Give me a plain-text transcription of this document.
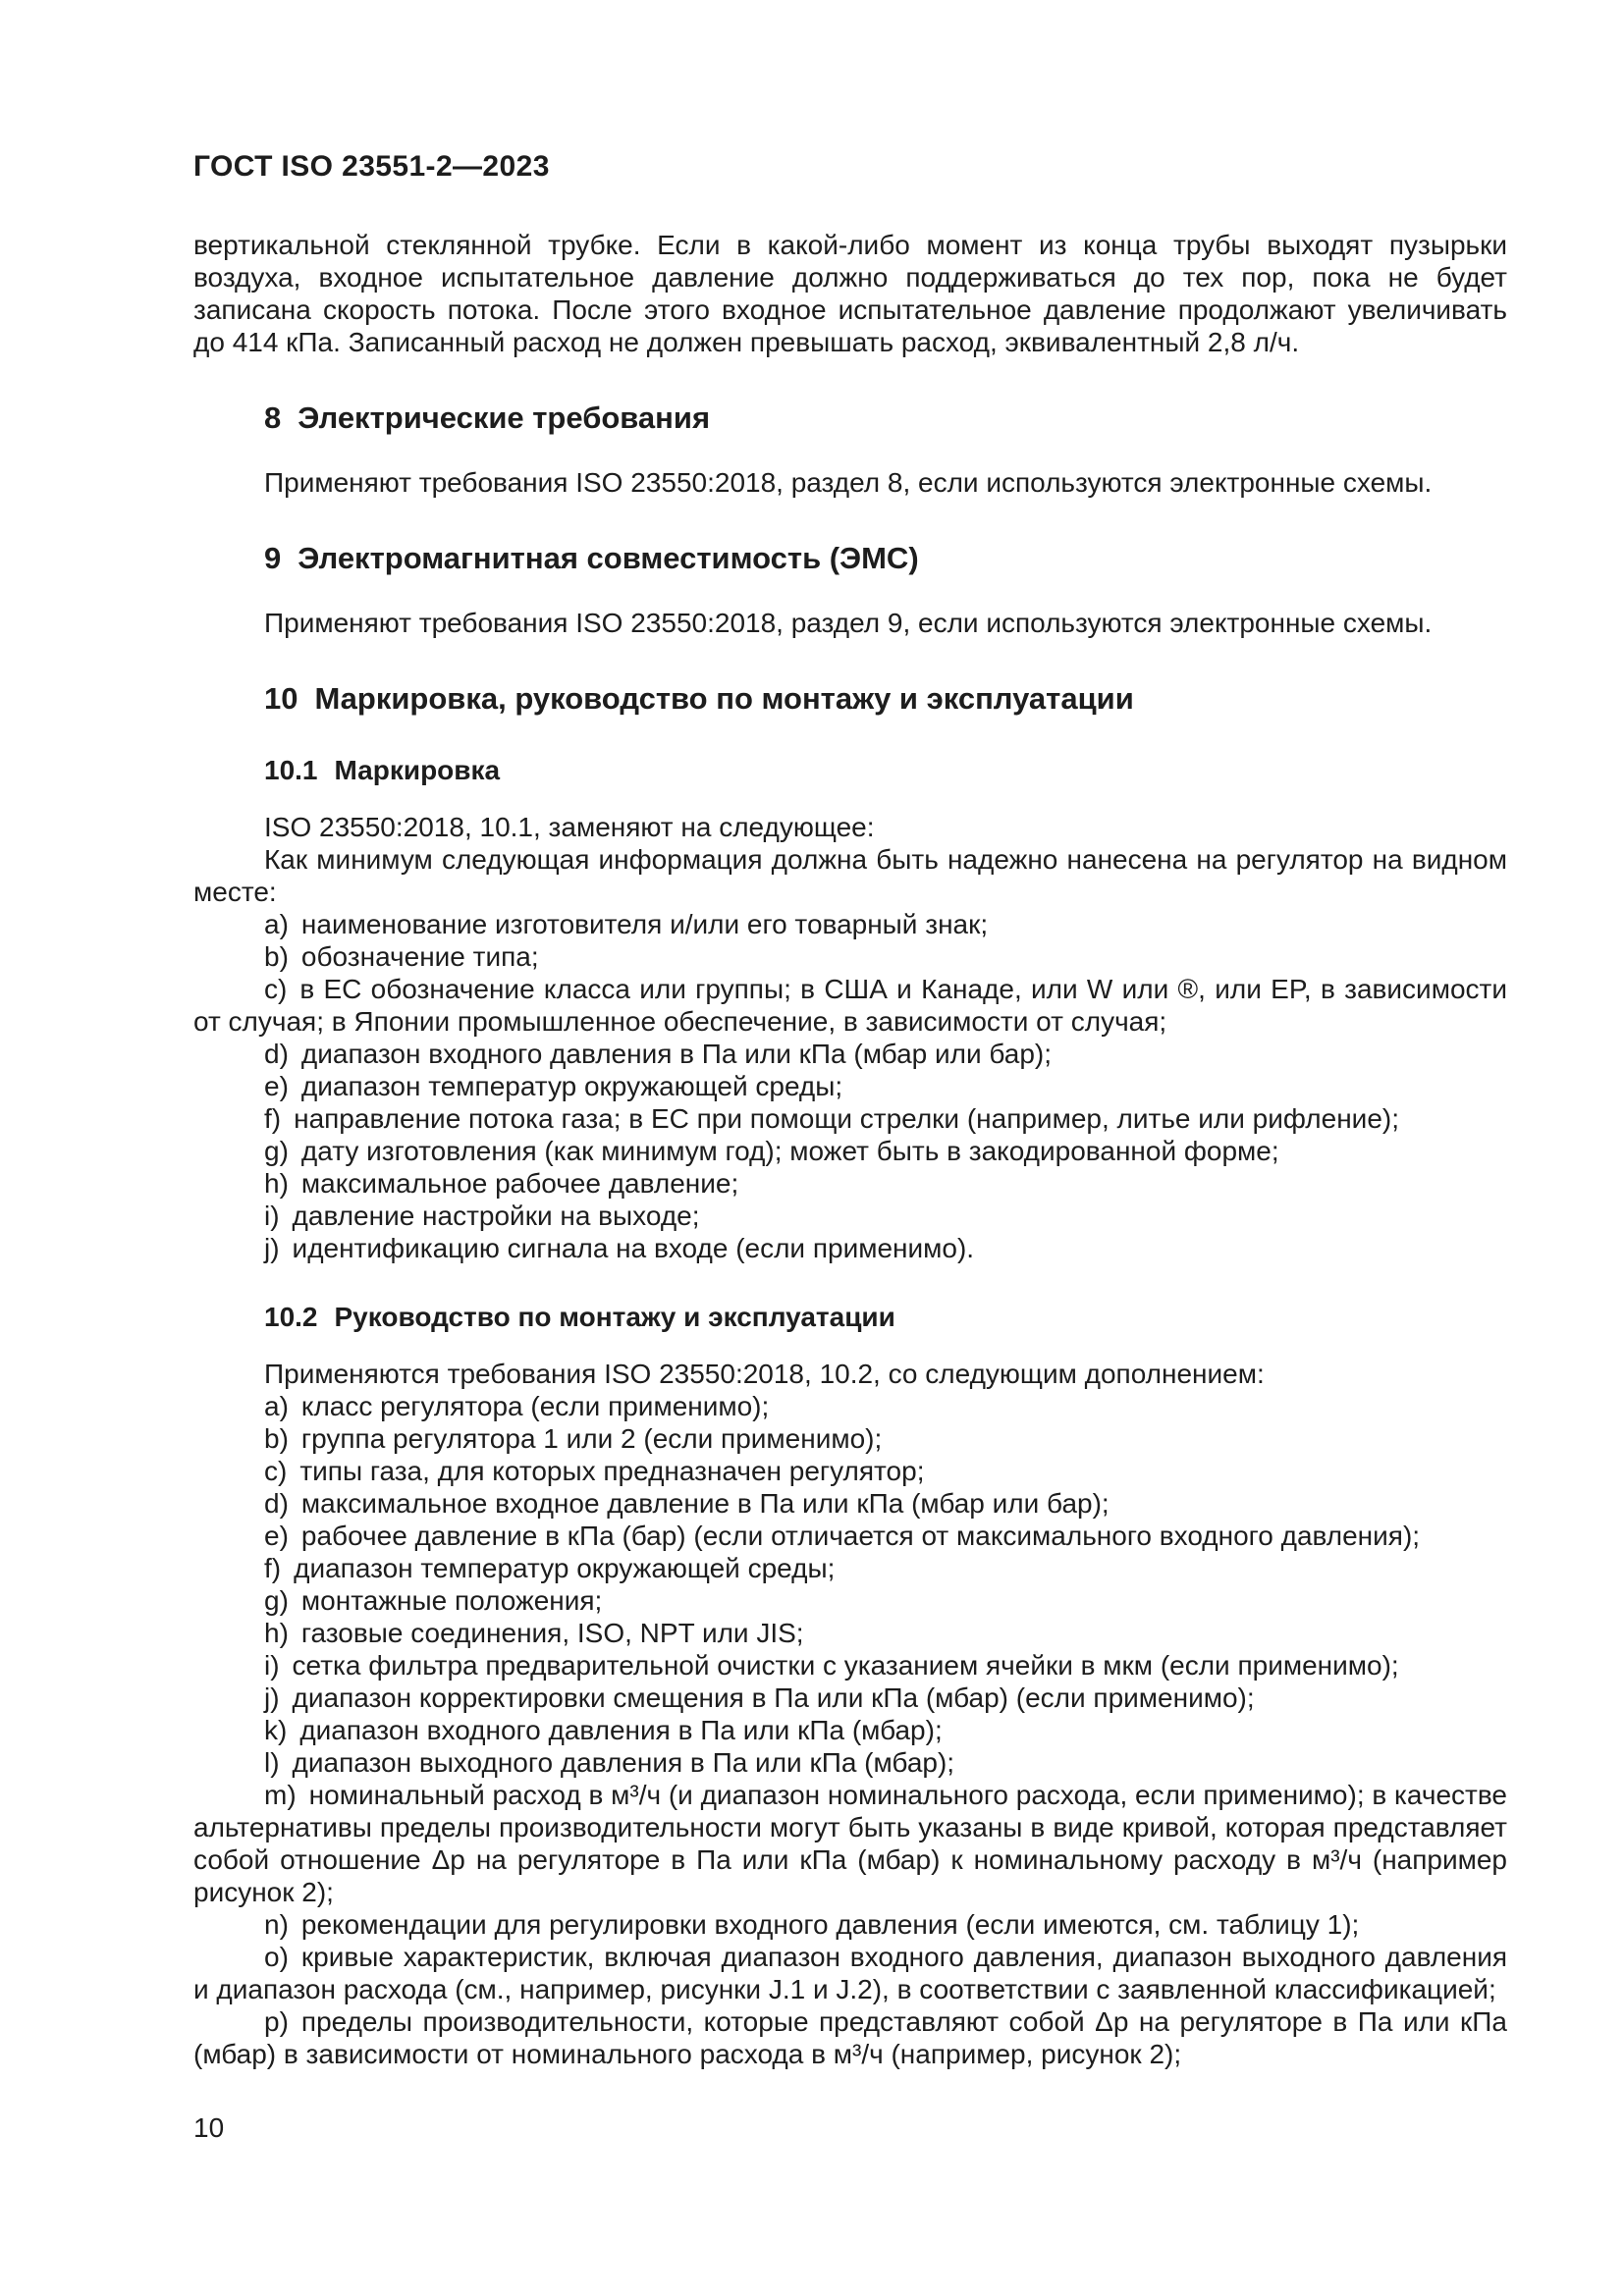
ГОСТ ISO 23551-2—2023

вертикальной стеклянной трубке. Если в какой-либо момент из конца трубы выходят пузырьки воздуха, входное испытательное давление должно поддерживаться до тех пор, пока не будет записана скорость потока. После этого входное испытательное давление продолжают увеличивать до 414 кПа. Записанный расход не должен превышать расход, эквивалентный 2,8 л/ч.

8 Электрические требования

Применяют требования ISO 23550:2018, раздел 8, если используются электронные схемы.

9 Электромагнитная совместимость (ЭМС)

Применяют требования ISO 23550:2018, раздел 9, если используются электронные схемы.

10 Маркировка, руководство по монтажу и эксплуатации
10.1 Маркировка

ISO 23550:2018, 10.1, заменяют на следующее:

Как минимум следующая информация должна быть надежно нанесена на регулятор на видном месте:

a) наименование изготовителя и/или его товарный знак;

b) обозначение типа;

c) в ЕС обозначение класса или группы; в США и Канаде, или W или ®, или EP, в зависимости от случая; в Японии промышленное обеспечение, в зависимости от случая;

d) диапазон входного давления в Па или кПа (мбар или бар);

e) диапазон температур окружающей среды;

f) направление потока газа; в ЕС при помощи стрелки (например, литье или рифление);

g) дату изготовления (как минимум год); может быть в закодированной форме;

h) максимальное рабочее давление;

i) давление настройки на выходе;

j) идентификацию сигнала на входе (если применимо).

10.2 Руководство по монтажу и эксплуатации

Применяются требования ISO 23550:2018, 10.2, со следующим дополнением:

a) класс регулятора (если применимо);

b) группа регулятора 1 или 2 (если применимо);

c) типы газа, для которых предназначен регулятор;

d) максимальное входное давление в Па или кПа (мбар или бар);

e) рабочее давление в кПа (бар) (если отличается от максимального входного давления);

f) диапазон температур окружающей среды;

g) монтажные положения;

h) газовые соединения, ISO, NPT или JIS;

i) сетка фильтра предварительной очистки с указанием ячейки в мкм (если применимо);

j) диапазон корректировки смещения в Па или кПа (мбар) (если применимо);

k) диапазон входного давления в Па или кПа (мбар);

l) диапазон выходного давления в Па или кПа (мбар);

m) номинальный расход в м³/ч (и диапазон номинального расхода, если применимо); в качестве альтернативы пределы производительности могут быть указаны в виде кривой, которая представляет собой отношение Δp на регуляторе в Па или кПа (мбар) к номинальному расходу в м³/ч (например рисунок 2);

n) рекомендации для регулировки входного давления (если имеются, см. таблицу 1);

o) кривые характеристик, включая диапазон входного давления, диапазон выходного давления и диапазон расхода (см., например, рисунки J.1 и J.2), в соответствии с заявленной классификацией;

p) пределы производительности, которые представляют собой Δp на регуляторе в Па или кПа (мбар) в зависимости от номинального расхода в м³/ч (например, рисунок 2);

10
